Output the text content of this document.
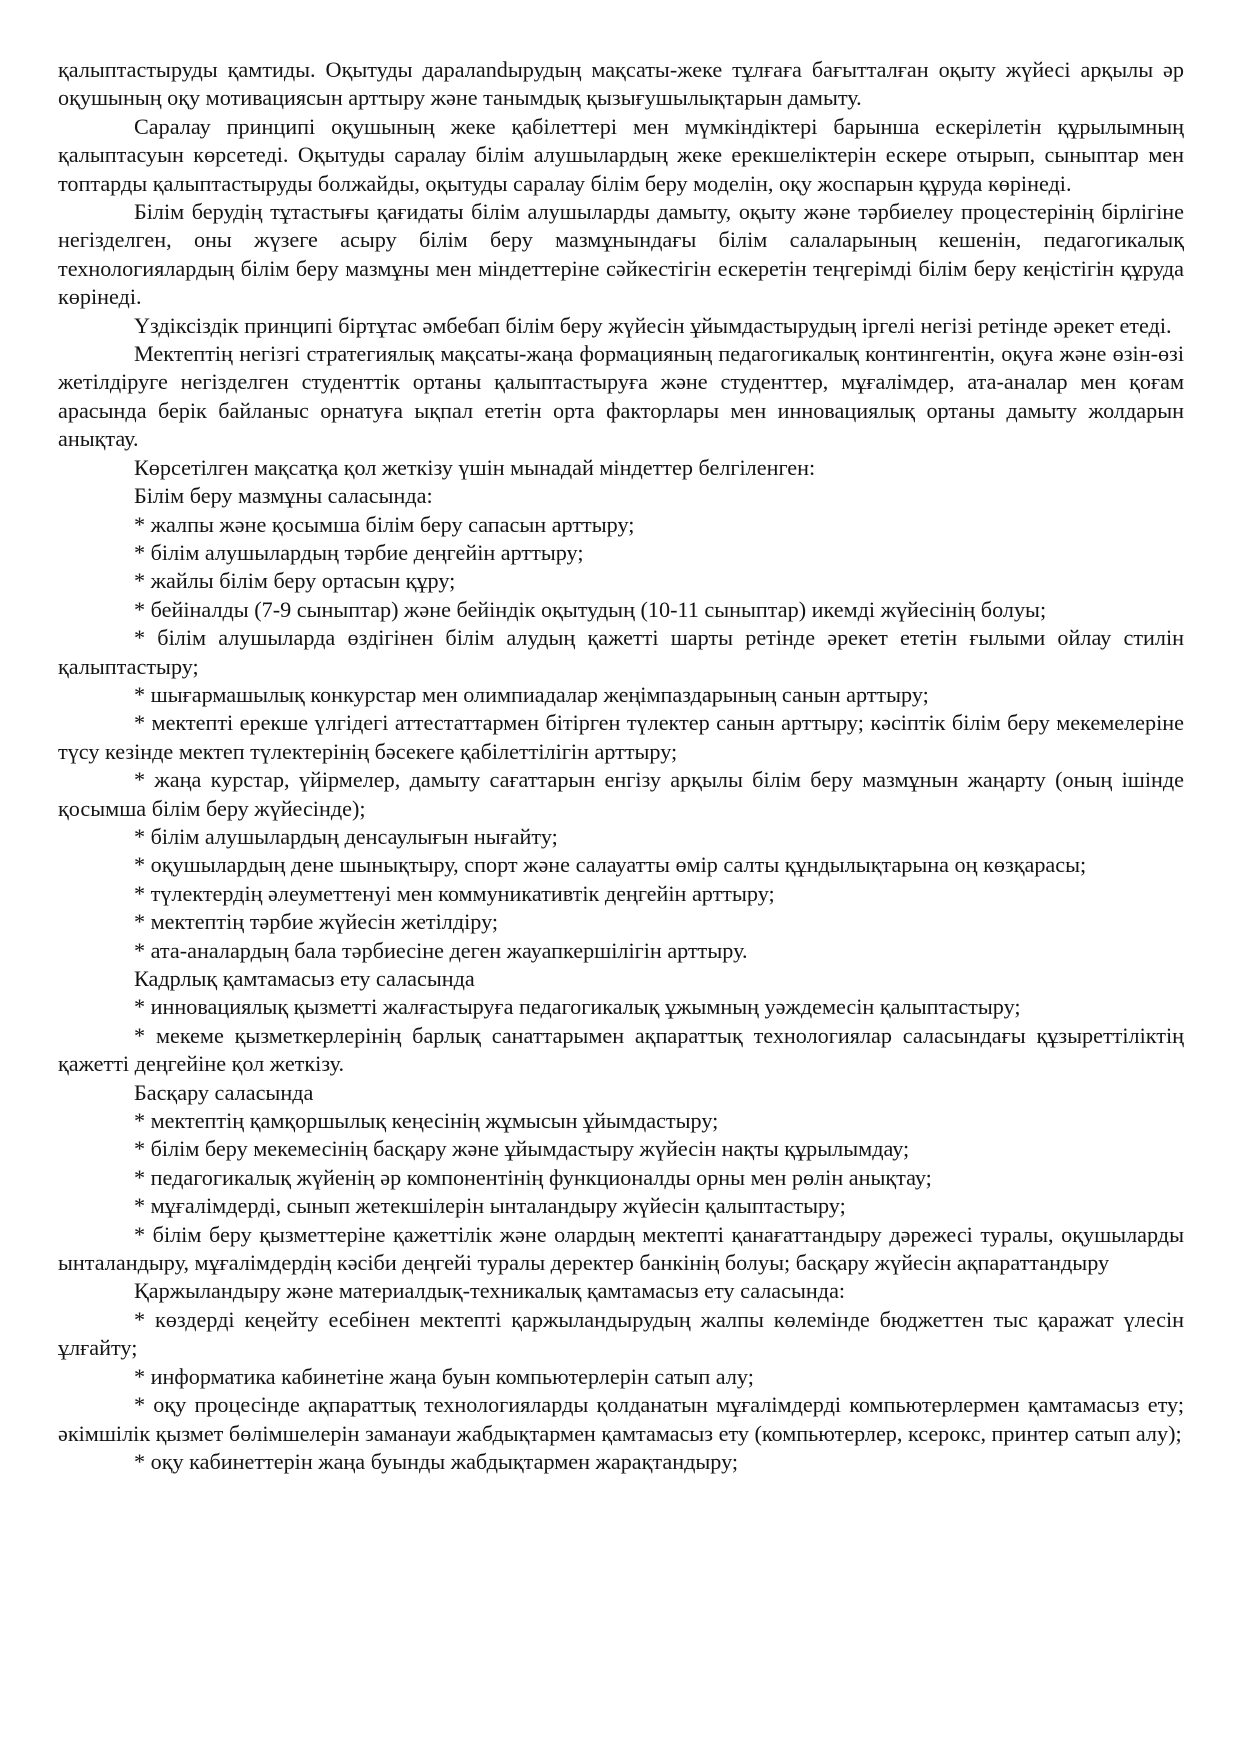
қалыптастыруды қамтиды. Оқытуды даралandырудың мақсаты-жеке тұлғаға бағытталған оқыту жүйесі арқылы әр оқушының оқу мотивациясын арттыру және танымдық қызығушылықтарын дамыту.

Саралау принципі оқушының жеке қабілеттері мен мүмкіндіктері барынша ескерілетін құрылымның қалыптасуын көрсетеді. Оқытуды саралау білім алушылардың жеке ерекшеліктерін ескере отырып, сыныптар мен топтарды қалыптастыруды болжайды, оқытуды саралау білім беру моделін, оқу жоспарын құруда көрінеді.

Білім берудің тұтастығы қағидаты білім алушыларды дамыту, оқыту және тәрбиелеу процестерінің бірлігіне негізделген, оны жүзеге асыру білім беру мазмұнындағы білім салаларының кешенін, педагогикалық технологиялардың білім беру мазмұны мен міндеттеріне сәйкестігін ескеретін теңгерімді білім беру кеңістігін құруда көрінеді.

Үздіксіздік принципі біртұтас әмбебап білім беру жүйесін ұйымдастырудың іргелі негізі ретінде әрекет етеді.

Мектептің негізгі стратегиялық мақсаты-жаңа формацияның педагогикалық контингентін, оқуға және өзін-өзі жетілдіруге негізделген студенттік ортаны қалыптастыруға және студенттер, мұғалімдер, ата-аналар мен қоғам арасында берік байланыс орнатуға ықпал ететін орта факторлары мен инновациялық ортаны дамыту жолдарын анықтау.

Көрсетілген мақсатқа қол жеткізу үшін мынадай міндеттер белгіленген:

Білім беру мазмұны саласында:

* жалпы және қосымша білім беру сапасын арттыру;

* білім алушылардың тәрбие деңгейін арттыру;

* жайлы білім беру ортасын құру;

* бейіналды (7-9 сыныптар) және бейіндік оқытудың (10-11 сыныптар) икемді жүйесінің болуы;

* білім алушыларда өздігінен білім алудың қажетті шарты ретінде әрекет ететін ғылыми ойлау стилін қалыптастыру;

* шығармашылық конкурстар мен олимпиадалар жеңімпаздарының санын арттыру;

* мектепті ерекше үлгідегі аттестаттармен бітірген түлектер санын арттыру; кәсіптік білім беру мекемелеріне түсу кезінде мектеп түлектерінің бәсекеге қабілеттілігін арттыру;

* жаңа курстар, үйірмелер, дамыту сағаттарын енгізу арқылы білім беру мазмұнын жаңарту (оның ішінде қосымша білім беру жүйесінде);

* білім алушылардың денсаулығын нығайту;

* оқушылардың дене шынықтыру, спорт және салауатты өмір салты құндылықтарына оң көзқарасы;

* түлектердің әлеуметтенуі мен коммуникативтік деңгейін арттыру;

* мектептің тәрбие жүйесін жетілдіру;

* ата-аналардың бала тәрбиесіне деген жауапкершілігін арттыру.

Кадрлық қамтамасыз ету саласында

* инновациялық қызметті жалғастыруға педагогикалық ұжымның уәждемесін қалыптастыру;

* мекеме қызметкерлерінің барлық санаттарымен ақпараттық технологиялар саласындағы құзыреттіліктің қажетті деңгейіне қол жеткізу.

Басқару саласында

* мектептің қамқоршылық кеңесінің жұмысын ұйымдастыру;

* білім беру мекемесінің басқару және ұйымдастыру жүйесін нақты құрылымдау;

* педагогикалық жүйенің әр компонентінің функционалды орны мен рөлін анықтау;

* мұғалімдерді, сынып жетекшілерін ынталандыру жүйесін қалыптастыру;

* білім беру қызметтеріне қажеттілік және олардың мектепті қанағаттандыру дәрежесі туралы, оқушыларды ынталандыру, мұғалімдердің кәсіби деңгейі туралы деректер банкінің болуы; басқару жүйесін ақпараттандыру

Қаржыландыру және материалдық-техникалық қамтамасыз ету саласында:

* көздерді кеңейту есебінен мектепті қаржыландырудың жалпы көлемінде бюджеттен тыс қаражат үлесін ұлғайту;

* информатика кабинетіне жаңа буын компьютерлерін сатып алу;

* оқу процесінде ақпараттық технологияларды қолданатын мұғалімдерді компьютерлермен қамтамасыз ету; әкімшілік қызмет бөлімшелерін заманауи жабдықтармен қамтамасыз ету (компьютерлер, ксерокс, принтер сатып алу);

* оқу кабинеттерін жаңа буынды жабдықтармен жарақтандыру;
